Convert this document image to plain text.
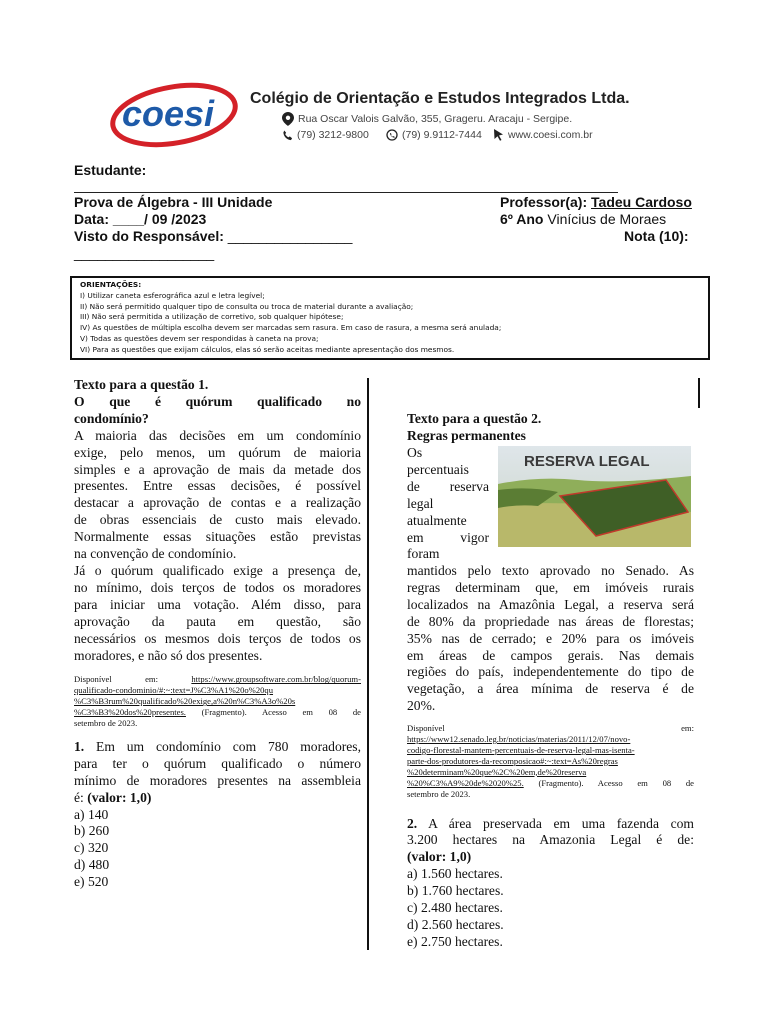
coesi Colégio de Orientação e Estudos Integrados Ltda.
Rua Oscar Valois Galvão, 355, Grageru. Aracaju - Sergipe.
(79) 3212-9800	(79) 9.9112-7444 www.coesi.com.br
Estudante:
Prova de Álgebra - III Unidade	Professor(a): Tadeu Cardoso
Data: ____/ 09 /2023	6º Ano Vinícius de Moraes
Visto do Responsável: ________________	Nota (10):
__________________
ORIENTAÇÕES:
I) Utilizar caneta esferográfica azul e letra legível;
II) Não será permitido qualquer tipo de consulta ou troca de material durante a avaliação;
III) Não será permitida a utilização de corretivo, sob qualquer hipótese;
IV) As questões de múltipla escolha devem ser marcadas sem rasura. Em caso de rasura, a mesma será anulada;
V) Todas as questões devem ser respondidas à caneta na prova;
VI) Para as questões que exijam cálculos, elas só serão aceitas mediante apresentação dos mesmos.

Texto para a questão 1.

O que é quórum qualificado no

condomínio?

A maioria das decisões em um condomínio

exige, pelo menos, um quórum de maioria

simples e a aprovação de mais da metade dos

presentes. Entre essas decisões, é possível

destacar a aprovação de contas e a realização

de obras essenciais de custo mais elevado.

Normalmente essas situações estão previstas

na convenção de condomínio.

Já o quórum qualificado exige a presença de,

no mínimo, dois terços de todos os moradores

para iniciar uma votação. Além disso, para

aprovação da pauta em questão, são

necessários os mesmos dois terços de todos os

moradores, e não só dos presentes.

Disponível em:	https://www.groupsoftware.com.br/blog/quorum-
qualificado-condominio/#:~:text=J%C3%A1%20o%20qu
%C3%B3rum%20qualificado%20exige,a%20n%C3%A3o%20s
%C3%B3%20dos%20presentes. (Fragmento). Acesso em 08 de
setembro de 2023.

1. Em um condomínio com 780 moradores,

para ter o quórum qualificado o número

mínimo de moradores presentes na assembleia

é: (valor: 1,0)

a) 140
b) 260
c) 320
d) 480
e) 520
Texto para a questão 2.
Regras permanentes

Os

percentuais

de reserva

legal

atualmente

em vigor

foram

RESERVA LEGAL

mantidos pelo texto aprovado no Senado. As

regras determinam que, em imóveis rurais

localizados na Amazônia Legal, a reserva será

de 80% da propriedade nas áreas de florestas;

35% nas de cerrado; e 20% para os imóveis

em áreas de campos gerais. Nas demais

regiões do país, independentemente do tipo de

vegetação, a área mínima de reserva é de

20%.

Disponível	em:
https://www12.senado.leg.br/noticias/materias/2011/12/07/novo-
codigo-florestal-mantem-percentuais-de-reserva-legal-mas-isenta-
parte-dos-produtores-da-recomposicao#:~:text=As%20regras
%20determinam%20que%2C%20em,de%20reserva
%20%C3%A9%20de%2020%25. (Fragmento). Acesso em 08 de
setembro de 2023.

2. A área preservada em uma fazenda com

3.200 hectares na Amazonia Legal é de:

(valor: 1,0)

a) 1.560 hectares.
b) 1.760 hectares.
c) 2.480 hectares.
d) 2.560 hectares.
e) 2.750 hectares.
